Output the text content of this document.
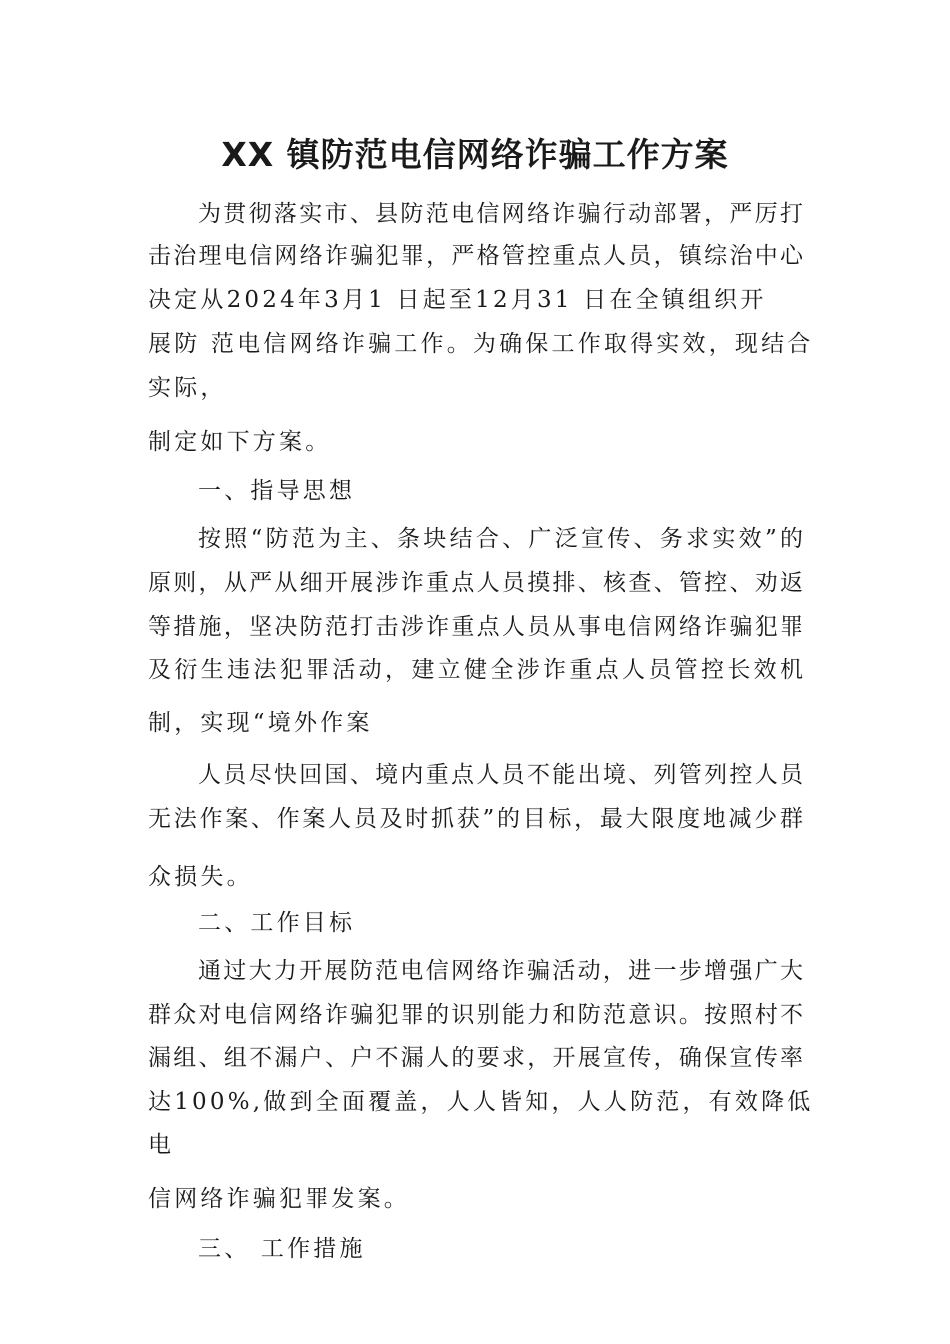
XX 镇防范电信网络诈骗工作方案
为贯彻落实市、县防范电信网络诈骗行动部署，严厉打
击治理电信网络诈骗犯罪，严格管控重点人员，镇综治中心
决定从2024年3月1 日起至12月31 日在全镇组织开
展防 范电信网络诈骗工作。为确保工作取得实效，现结合
实际，
制定如下方案。
一、指导思想
按照“防范为主、条块结合、广泛宣传、务求实效”的
原则，从严从细开展涉诈重点人员摸排、核查、管控、劝返
等措施，坚决防范打击涉诈重点人员从事电信网络诈骗犯罪
及衍生违法犯罪活动，建立健全涉诈重点人员管控长效机
制，实现“境外作案
人员尽快回国、境内重点人员不能出境、列管列控人员
无法作案、作案人员及时抓获”的目标，最大限度地减少群
众损失。
二、工作目标
通过大力开展防范电信网络诈骗活动，进一步增强广大
群众对电信网络诈骗犯罪的识别能力和防范意识。按照村不
漏组、组不漏户、户不漏人的要求，开展宣传，确保宣传率
达100%,做到全面覆盖，人人皆知，人人防范，有效降低
电
信网络诈骗犯罪发案。
三、 工作措施
